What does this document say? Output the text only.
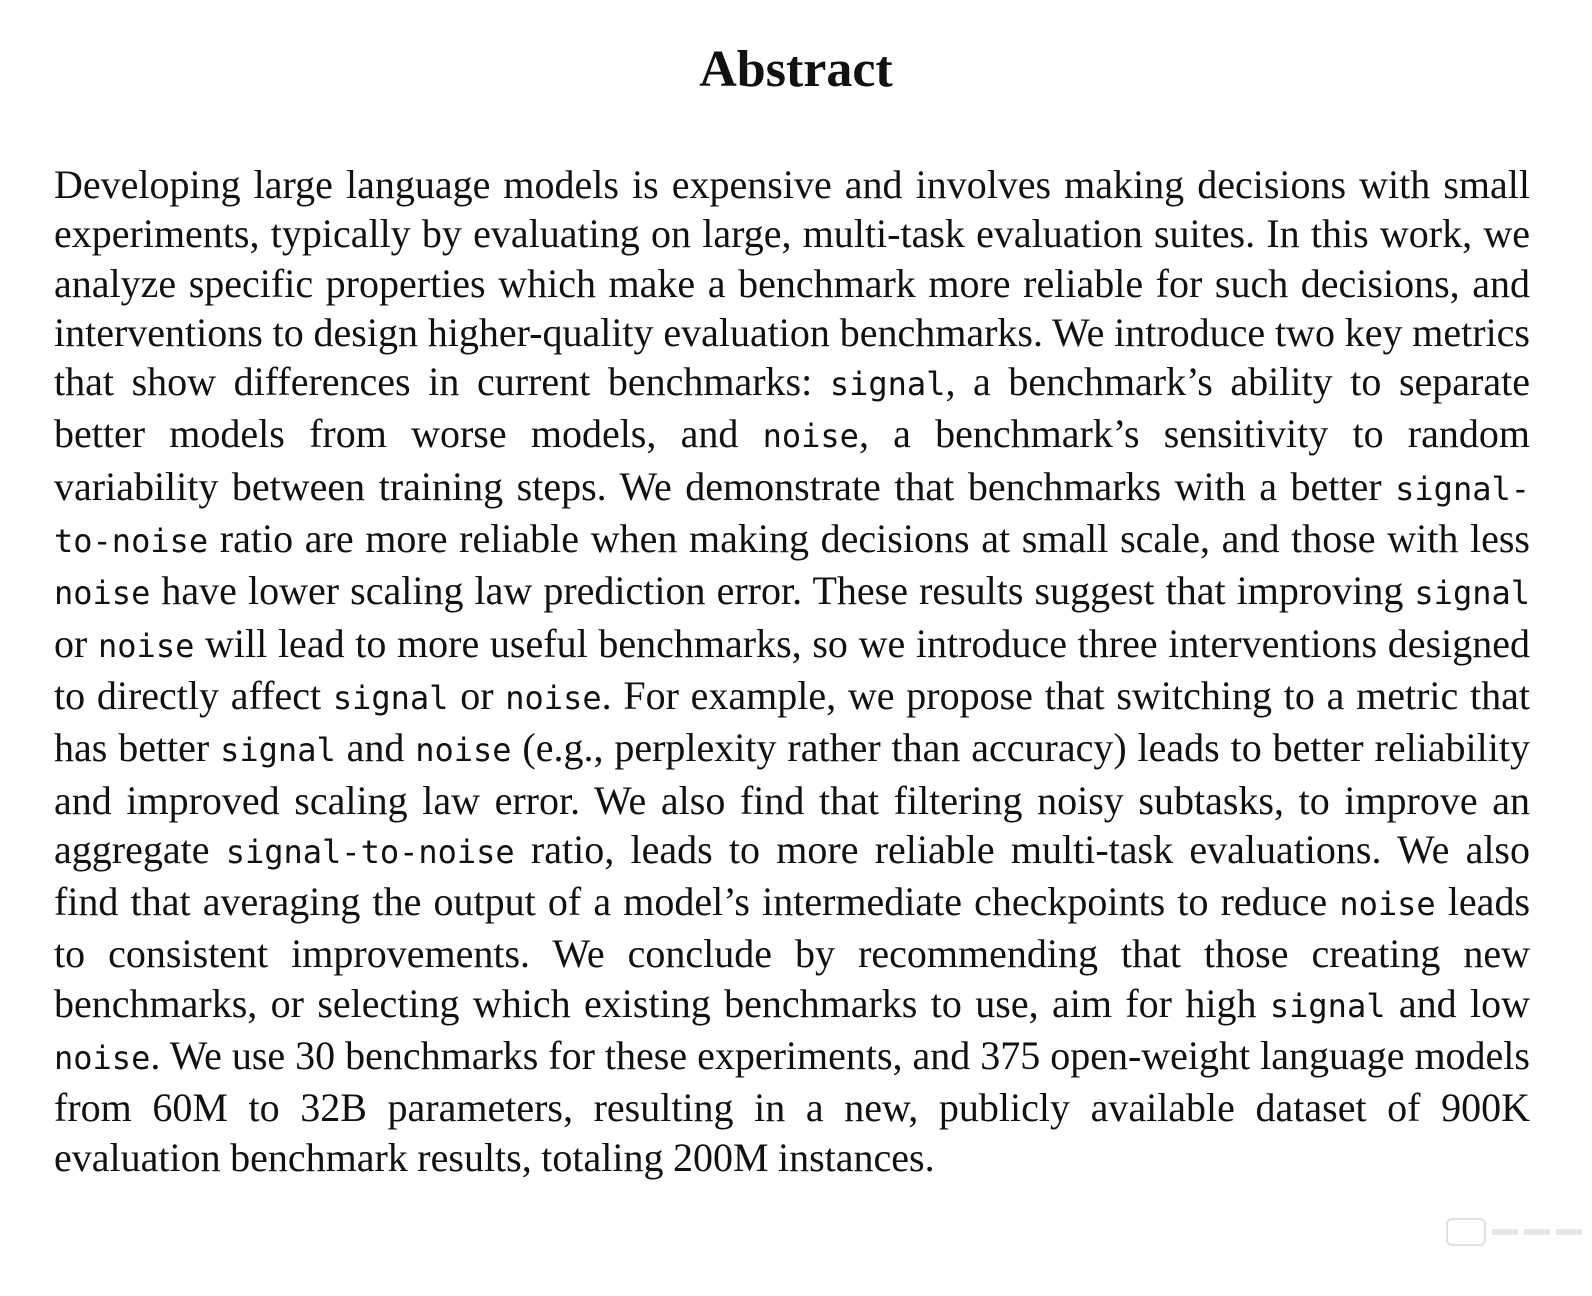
Abstract

Developing large language models is expensive and involves making decisions with small experiments, typically by evaluating on large, multi-task evaluation suites. In this work, we analyze specific properties which make a benchmark more reliable for such decisions, and interventions to design higher-quality evaluation benchmarks. We introduce two key metrics that show differences in current benchmarks: signal, a benchmark’s ability to separate better models from worse models, and noise, a benchmark’s sensitivity to random variability between training steps. We demonstrate that benchmarks with a better signal-to-noise ratio are more reliable when making decisions at small scale, and those with less noise have lower scaling law prediction error. These results suggest that improving signal or noise will lead to more useful benchmarks, so we introduce three interventions designed to directly affect signal or noise. For example, we propose that switching to a metric that has better signal and noise (e.g., perplexity rather than accuracy) leads to better reliability and improved scaling law error. We also find that filtering noisy subtasks, to improve an aggregate signal-to-noise ratio, leads to more reliable multi-task evaluations. We also find that averaging the output of a model’s intermediate checkpoints to reduce noise leads to consistent improvements. We conclude by recommending that those creating new benchmarks, or selecting which existing benchmarks to use, aim for high signal and low noise. We use 30 benchmarks for these experiments, and 375 open-weight language models from 60M to 32B parameters, resulting in a new, publicly available dataset of 900K evaluation benchmark results, totaling 200M instances.
